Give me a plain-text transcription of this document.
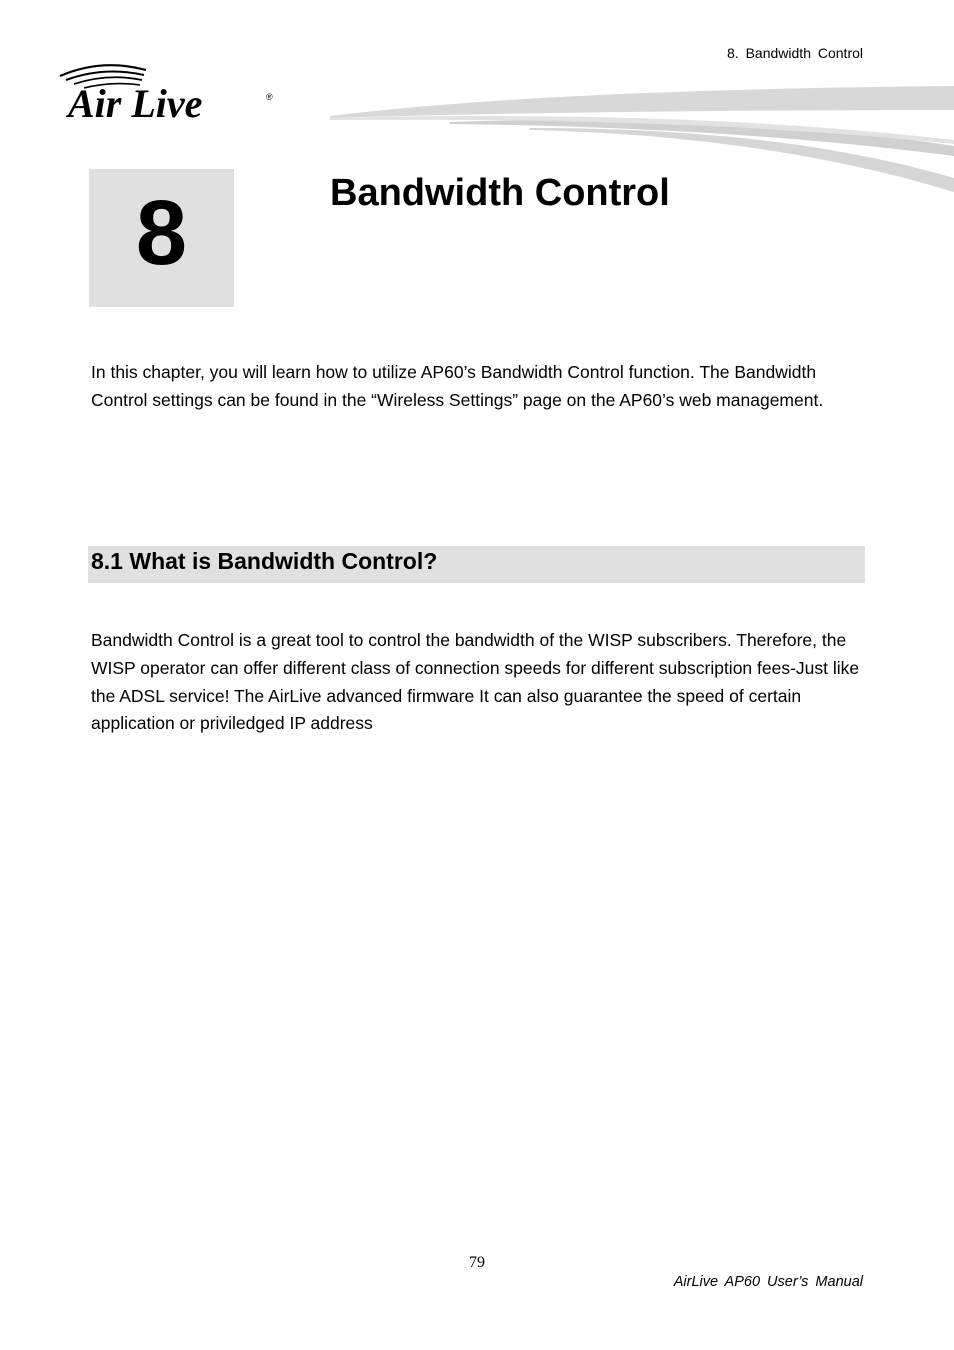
8. Bandwidth Control
Air Live	®
8	Bandwidth Control

In this chapter, you will learn how to utilize AP60’s Bandwidth Control function. The Bandwidth Control settings can be found in the “Wireless Settings” page on the AP60’s web management.

8.1 What is Bandwidth Control?

Bandwidth Control is a great tool to control the bandwidth of the WISP subscribers. Therefore, the WISP operator can offer different class of connection speeds for different subscription fees-Just like the ADSL service! The AirLive advanced firmware It can also guarantee the speed of certain application or priviledged IP address

79
AirLive AP60 User’s Manual
